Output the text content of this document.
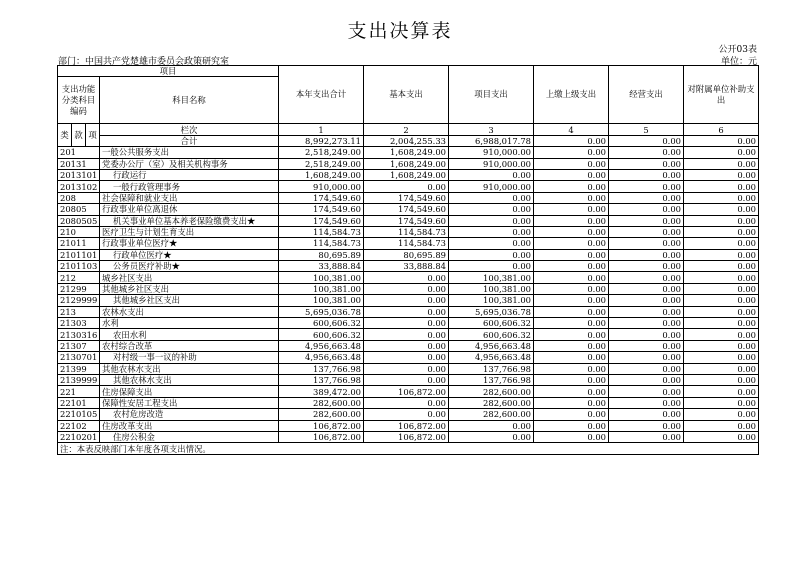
支出决算表
公开03表
部门：中国共产党楚雄市委员会政策研究室	单位：元
项目				本年支出合计	基本支出	项目支出	上缴上级支出	经营支出	对附属单位补助支出
支出功能分类科目编码			科目名称						
类	款	项	栏次	1	2	3	4	5	6
			合计	8,992,273.11	2,004,255.33	6,988,017.78	0.00	0.00	0.00
201			一般公共服务支出	2,518,249.00	1,608,249.00	910,000.00	0.00	0.00	0.00
20131			党委办公厅（室）及相关机构事务	2,518,249.00	1,608,249.00	910,000.00	0.00	0.00	0.00
2013101			行政运行	1,608,249.00	1,608,249.00	0.00	0.00	0.00	0.00
2013102			一般行政管理事务	910,000.00	0.00	910,000.00	0.00	0.00	0.00
208			社会保障和就业支出	174,549.60	174,549.60	0.00	0.00	0.00	0.00
20805			行政事业单位离退休	174,549.60	174,549.60	0.00	0.00	0.00	0.00
2080505			机关事业单位基本养老保险缴费支出★	174,549.60	174,549.60	0.00	0.00	0.00	0.00
210			医疗卫生与计划生育支出	114,584.73	114,584.73	0.00	0.00	0.00	0.00
21011			行政事业单位医疗★	114,584.73	114,584.73	0.00	0.00	0.00	0.00
2101101			行政单位医疗★	80,695.89	80,695.89	0.00	0.00	0.00	0.00
2101103			公务员医疗补助★	33,888.84	33,888.84	0.00	0.00	0.00	0.00
212			城乡社区支出	100,381.00	0.00	100,381.00	0.00	0.00	0.00
21299			其他城乡社区支出	100,381.00	0.00	100,381.00	0.00	0.00	0.00
2129999			其他城乡社区支出	100,381.00	0.00	100,381.00	0.00	0.00	0.00
213			农林水支出	5,695,036.78	0.00	5,695,036.78	0.00	0.00	0.00
21303			水利	600,606.32	0.00	600,606.32	0.00	0.00	0.00
2130316			农田水利	600,606.32	0.00	600,606.32	0.00	0.00	0.00
21307			农村综合改革	4,956,663.48	0.00	4,956,663.48	0.00	0.00	0.00
2130701			对村级一事一议的补助	4,956,663.48	0.00	4,956,663.48	0.00	0.00	0.00
21399			其他农林水支出	137,766.98	0.00	137,766.98	0.00	0.00	0.00
2139999			其他农林水支出	137,766.98	0.00	137,766.98	0.00	0.00	0.00
221			住房保障支出	389,472.00	106,872.00	282,600.00	0.00	0.00	0.00
22101			保障性安居工程支出	282,600.00	0.00	282,600.00	0.00	0.00	0.00
2210105			农村危房改造	282,600.00	0.00	282,600.00	0.00	0.00	0.00
22102			住房改革支出	106,872.00	106,872.00	0.00	0.00	0.00	0.00
2210201			住房公积金	106,872.00	106,872.00	0.00	0.00	0.00	0.00
注：本表反映部门本年度各项支出情况。									
